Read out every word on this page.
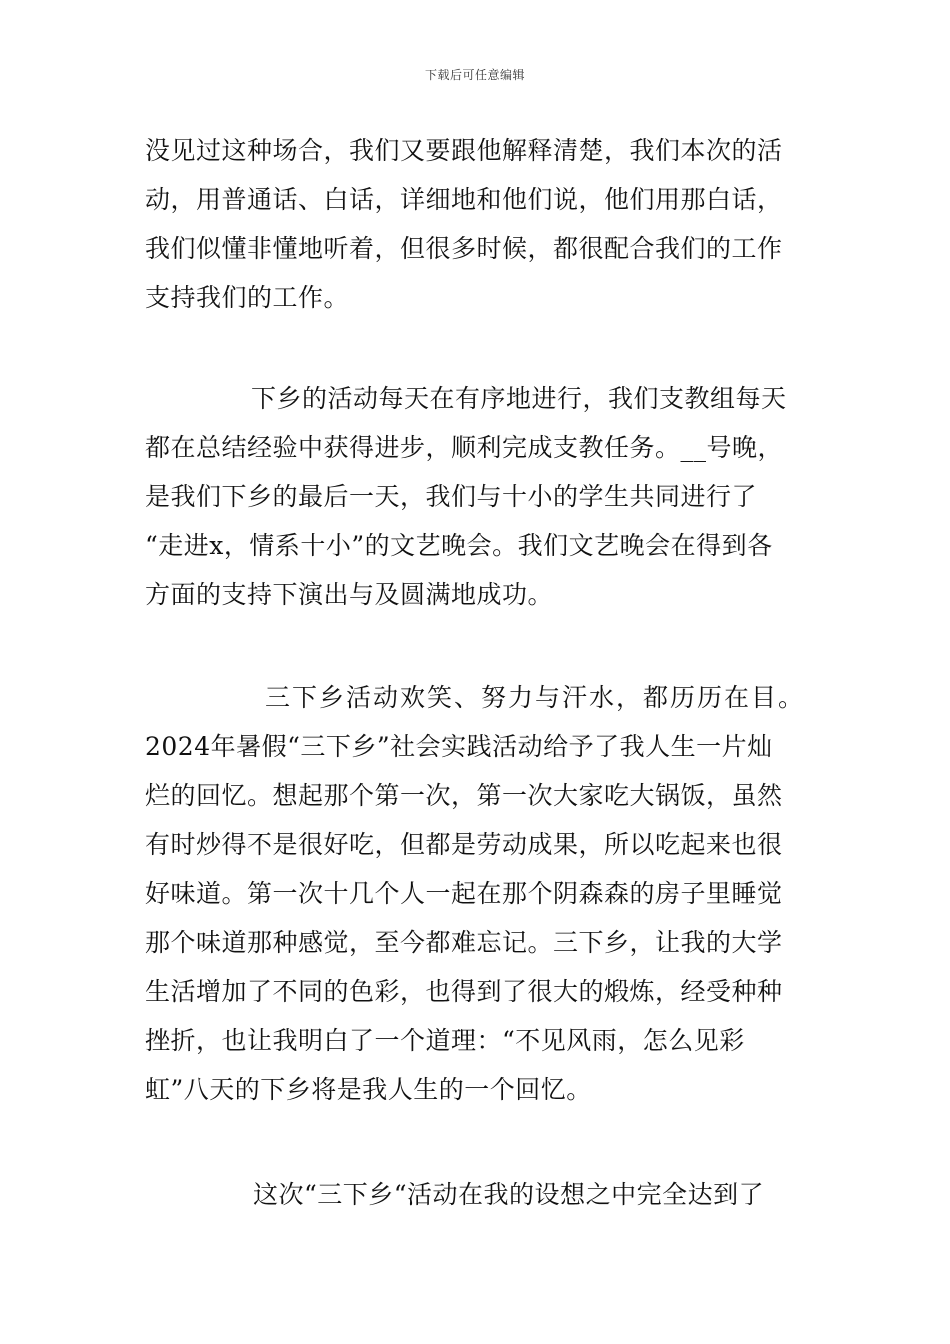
下载后可任意编辑
没见过这种场合，我们又要跟他解释清楚，我们本次的活
动，用普通话、白话，详细地和他们说，他们用那白话，
我们似懂非懂地听着，但很多时候，都很配合我们的工作
支持我们的工作。
下乡的活动每天在有序地进行，我们支教组每天
都在总结经验中获得进步，顺利完成支教任务。__号晚，
是我们下乡的最后一天，我们与十小的学生共同进行了
“走进x，情系十小”的文艺晚会。我们文艺晚会在得到各
方面的支持下演出与及圆满地成功。
三下乡活动欢笑、努力与汗水，都历历在目。
2024年暑假“三下乡”社会实践活动给予了我人生一片灿
烂的回忆。想起那个第一次，第一次大家吃大锅饭，虽然
有时炒得不是很好吃，但都是劳动成果，所以吃起来也很
好味道。第一次十几个人一起在那个阴森森的房子里睡觉
那个味道那种感觉，至今都难忘记。三下乡，让我的大学
生活增加了不同的色彩，也得到了很大的煅炼，经受种种
挫折，也让我明白了一个道理：“不见风雨，怎么见彩
虹”八天的下乡将是我人生的一个回忆。
这次“三下乡“活动在我的设想之中完全达到了
